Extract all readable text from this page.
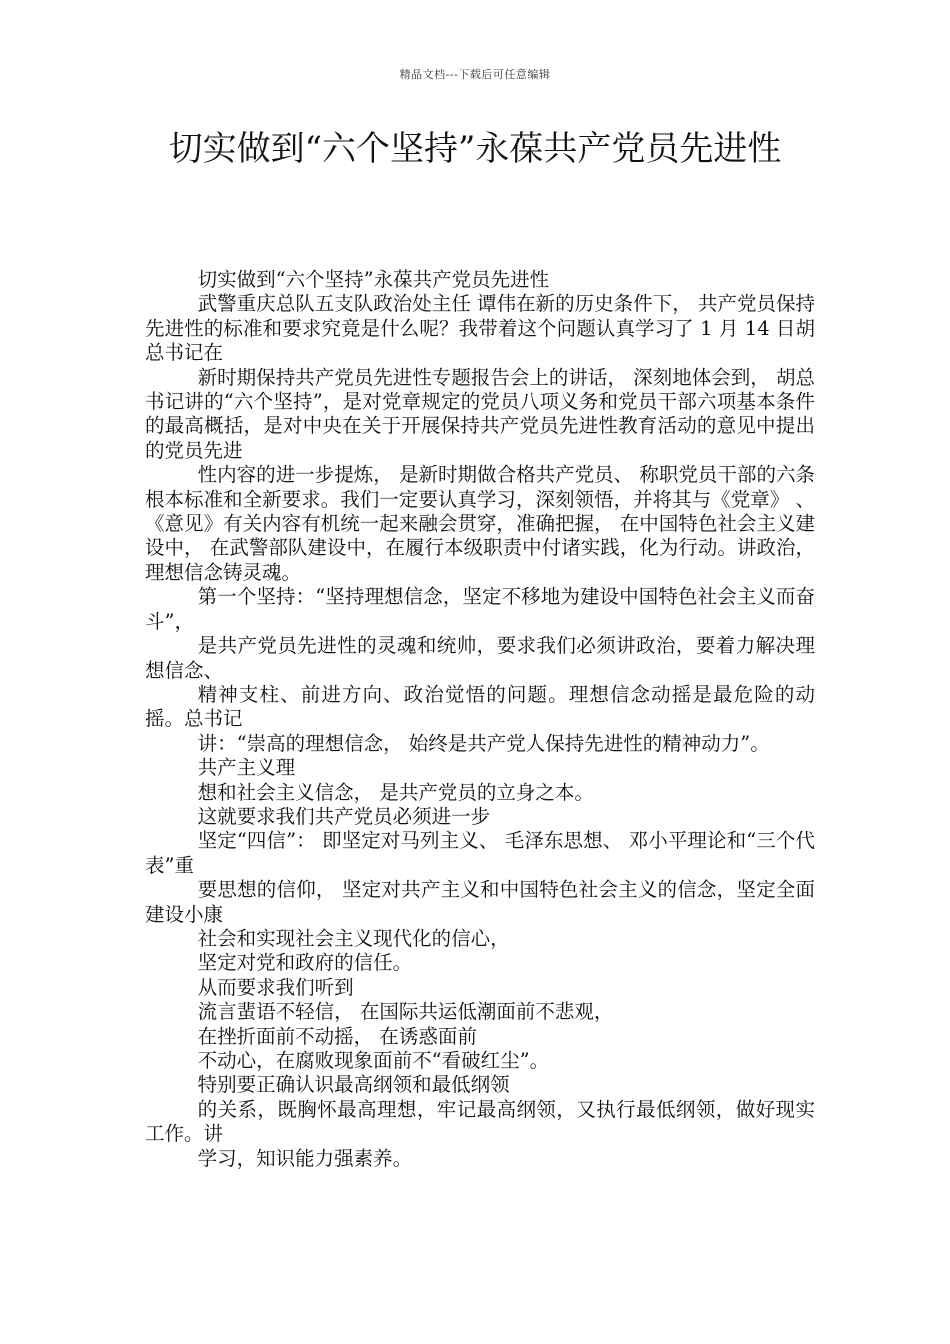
精品文档---下载后可任意编辑
切实做到“六个坚持”永葆共产党员先进性

切实做到“六个坚持”永葆共产党员先进性

武警重庆总队五支队政治处主任 谭伟在新的历史条件下， 共产党员保持先进性的标准和要求究竟是什么呢？我带着这个问题认真学习了 1 月 14 日胡总书记在

新时期保持共产党员先进性专题报告会上的讲话， 深刻地体会到， 胡总书记讲的“六个坚持”，是对党章规定的党员八项义务和党员干部六项基本条件的最高概括，是对中央在关于开展保持共产党员先进性教育活动的意见中提出的党员先进

性内容的进一步提炼， 是新时期做合格共产党员、 称职党员干部的六条根本标准和全新要求。我们一定要认真学习，深刻领悟，并将其与《党章》 、《意见》有关内容有机统一起来融会贯穿，准确把握， 在中国特色社会主义建设中， 在武警部队建设中，在履行本级职责中付诸实践，化为行动。讲政治，理想信念铸灵魂。

第一个坚持：“坚持理想信念，坚定不移地为建设中国特色社会主义而奋斗”，

是共产党员先进性的灵魂和统帅，要求我们必须讲政治，要着力解决理想信念、

精神支柱、前进方向、政治觉悟的问题。理想信念动摇是最危险的动摇。总书记

讲：“崇高的理想信念， 始终是共产党人保持先进性的精神动力”。

共产主义理

想和社会主义信念， 是共产党员的立身之本。

这就要求我们共产党员必须进一步

坚定“四信”： 即坚定对马列主义、 毛泽东思想、 邓小平理论和“三个代表”重

要思想的信仰， 坚定对共产主义和中国特色社会主义的信念，坚定全面建设小康

社会和实现社会主义现代化的信心，

坚定对党和政府的信任。

从而要求我们听到

流言蜚语不轻信， 在国际共运低潮面前不悲观，

在挫折面前不动摇， 在诱惑面前

不动心，在腐败现象面前不“看破红尘”。

特别要正确认识最高纲领和最低纲领

的关系，既胸怀最高理想，牢记最高纲领，又执行最低纲领，做好现实工作。讲

学习，知识能力强素养。
